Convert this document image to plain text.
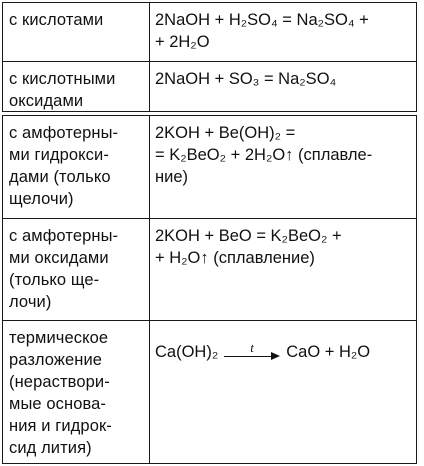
с кислотами	2NaOH + H₂SO₄ = Na₂SO₄ +
+ 2H₂O
с кислотными
оксидами
2NaOH + SO₃ = Na₂SO₄
с амфотерны-
ми гидрокси-
дами (только
щелочи)
2KOH + Be(OH)₂ =
= K₂BeO₂ + 2H₂O↑ (сплавле-
ние)
с амфотерны-
ми оксидами
(только ще-
лочи)
2KOH + BeO = K₂BeO₂ +
+ H₂O↑ (сплавление)
термическое
разложение
(нераствори-
мые основа-
ния и гидрок-
сид лития)
Ca(OH)₂ t CaO + H₂O
